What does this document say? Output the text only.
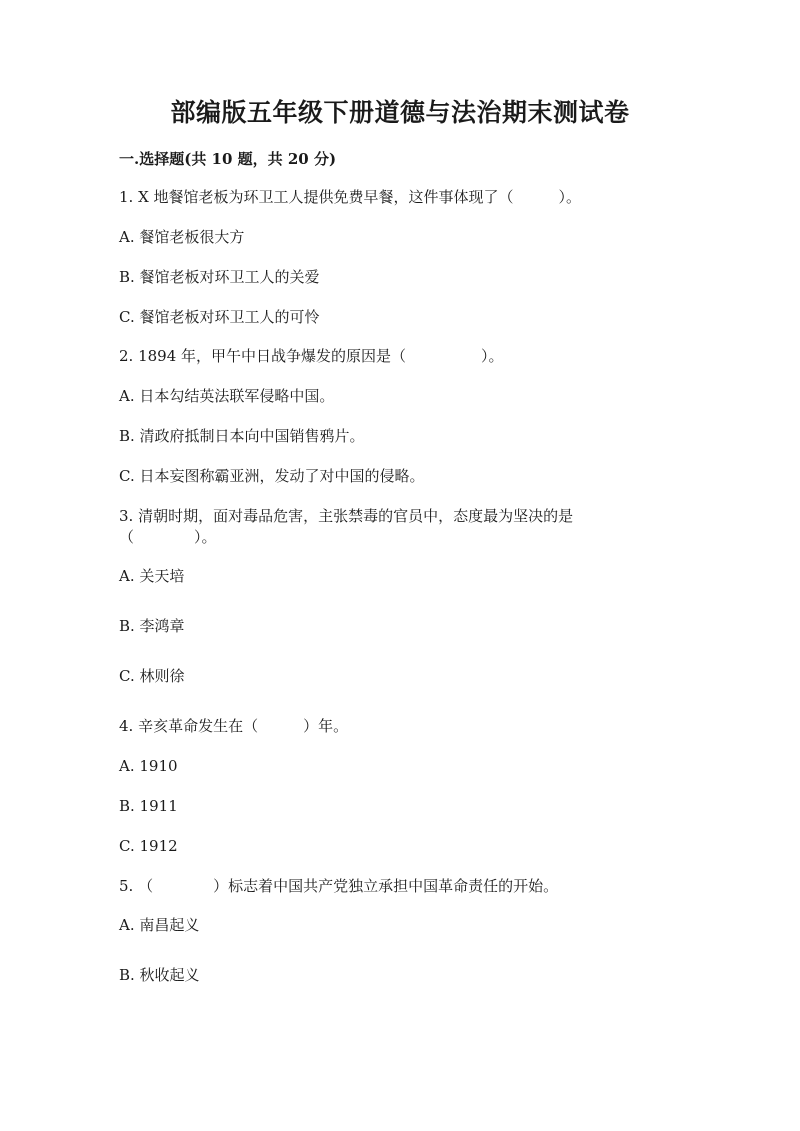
部编版五年级下册道德与法治期末测试卷
一.选择题(共 10 题，共 20 分)
1. X 地餐馆老板为环卫工人提供免费早餐，这件事体现了（　　　）。
A. 餐馆老板很大方
B. 餐馆老板对环卫工人的关爱
C. 餐馆老板对环卫工人的可怜
2. 1894 年，甲午中日战争爆发的原因是（　　　　　）。
A. 日本勾结英法联军侵略中国。
B. 清政府抵制日本向中国销售鸦片。
C. 日本妄图称霸亚洲，发动了对中国的侵略。
3. 清朝时期，面对毒品危害，主张禁毒的官员中，态度最为坚决的是
（　　　　）。
A. 关天培
B. 李鸿章
C. 林则徐
4. 辛亥革命发生在（　　　）年。
A. 1910
B. 1911
C. 1912
5. （　　　　）标志着中国共产党独立承担中国革命责任的开始。
A. 南昌起义
B. 秋收起义
